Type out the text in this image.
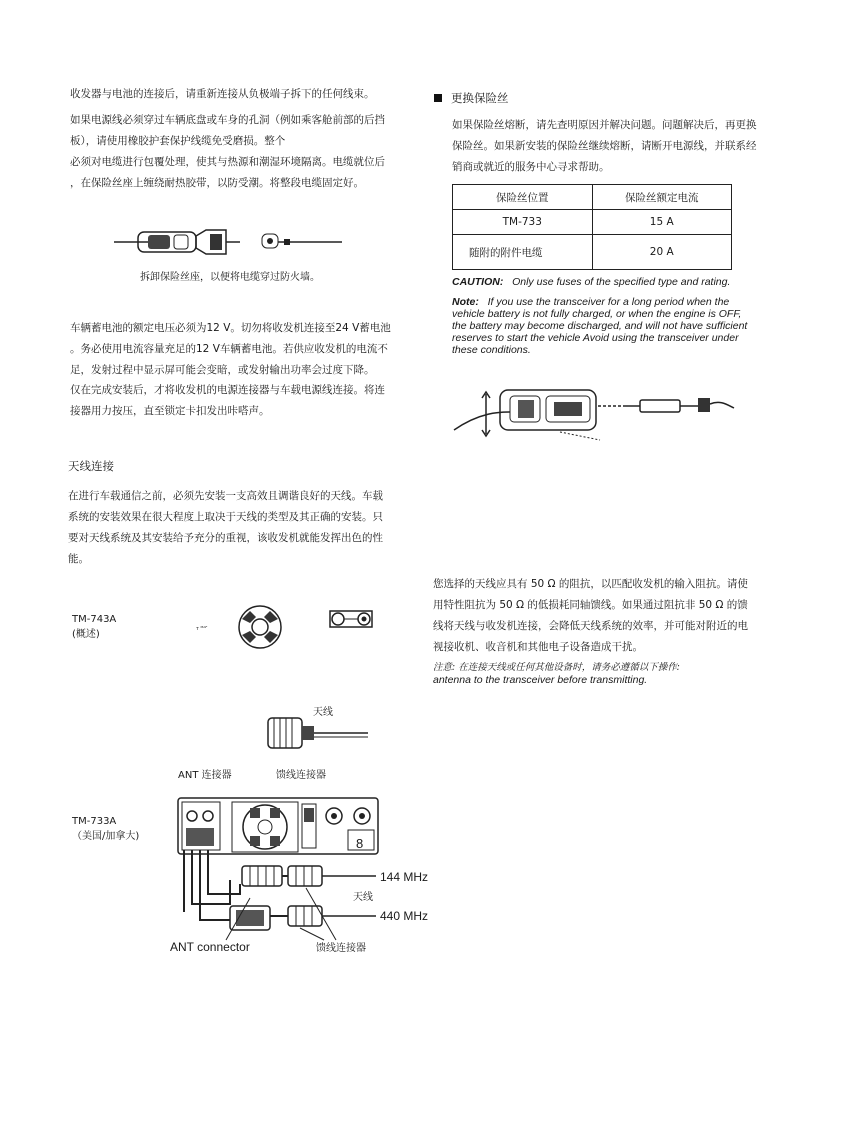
收发器与电池的连接后，请重新连接从负极端子拆下的任何线束。

如果电源线必须穿过车辆底盘或车身的孔洞（例如乘客舱前部的后挡

板），请使用橡胶护套保护线缆免受磨损。整个

必须对电缆进行包覆处理，使其与热源和潮湿环境隔离。电缆就位后

，在保险丝座上缠绕耐热胶带，以防受潮。将整段电缆固定好。

拆卸保险丝座，以便将电缆穿过防火墙。

车辆蓄电池的额定电压必须为12 V。切勿将收发机连接至24 V蓄电池

。务必使用电流容量充足的12 V车辆蓄电池。若供应收发机的电流不

足，发射过程中显示屏可能会变暗，或发射输出功率会过度下降。

仅在完成安装后，才将收发机的电源连接器与车载电源线连接。将连

接器用力按压，直至锁定卡扣发出咔嗒声。

天线连接

在进行车载通信之前，必须先安装一支高效且调谐良好的天线。车载

系统的安装效果在很大程度上取决于天线的类型及其正确的安装。只

要对天线系统及其安装给予充分的重视，该收发机就能发挥出色的性

能。

TM-743A
(概述)	ᴛ ᴹᴬᴾ
天线
ANT 连接器	馈线连接器
TM-733A
（美国/加拿大)	8
144 MHz
天线
440 MHz
ANT connector	馈线连接器
更换保险丝

如果保险丝熔断，请先查明原因并解决问题。问题解决后，再更换

保险丝。如果新安装的保险丝继续熔断，请断开电源线，并联系经

销商或就近的服务中心寻求帮助。

保险丝位置	保险丝额定电流
TM-733	15 A
随附的附件电缆	20 A
CAUTION: Only use fuses of the specified type and rating.
Note: If you use the transceiver for a long period when the
vehicle battery is not fully charged, or when the engine is OFF,
the battery may become discharged, and will not have sufficient
reserves to start the vehicle Avoid using the transceiver under
these conditions.

您选择的天线应具有 50 Ω 的阻抗，以匹配收发机的输入阻抗。请使

用特性阻抗为 50 Ω 的低损耗同轴馈线。如果通过阻抗非 50 Ω 的馈

线将天线与收发机连接，会降低天线系统的效率，并可能对附近的电

视接收机、收音机和其他电子设备造成干扰。

注意: 在连接天线或任何其他设备时，请务必遵循以下操作:
antenna to the transceiver before transmitting.
